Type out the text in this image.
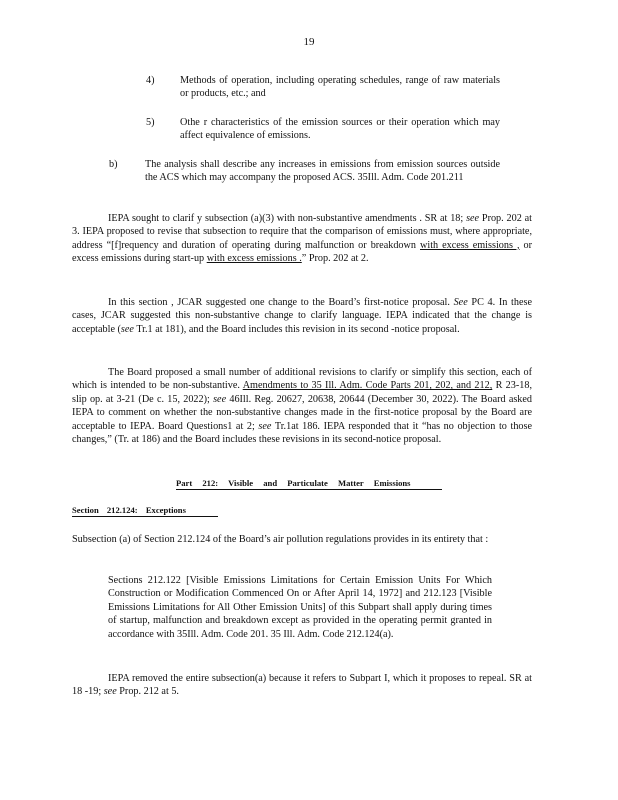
19
4)	Methods of operation, including operating schedules, range of raw materials or products, etc.; and
5)	Othe r characteristics of the emission sources or their operation which may affect equivalence of emissions.
b)	The analysis shall describe any increases in emissions from emission sources outside the ACS which may accompany the proposed ACS. 35Ill. Adm. Code 201.211
IEPA sought to clarif y subsection (a)(3) with non-substantive amendments . SR at 18; see Prop. 202 at 3. IEPA proposed to revise that subsection to require that the comparison of emissions must, where appropriate, address “[f]requency and duration of operating during malfunction or breakdown with excess emissions , or excess emissions during start-up with excess emissions .” Prop. 202 at 2.
In this section , JCAR suggested one change to the Board’s first-notice proposal. See PC 4. In these cases, JCAR suggested this non-substantive change to clarify language. IEPA indicated that the change is acceptable (see Tr.1 at 181), and the Board includes this revision in its second -notice proposal.
The Board proposed a small number of additional revisions to clarify or simplify this section, each of which is intended to be non-substantive. Amendments to 35 Ill. Adm. Code Parts 201, 202, and 212, R 23-18, slip op. at 3-21 (De c. 15, 2022); see 46Ill. Reg. 20627, 20638, 20644 (December 30, 2022). The Board asked IEPA to comment on whether the non-substantive changes made in the first-notice proposal by the Board are acceptable to IEPA. Board Questions1 at 2; see Tr.1at 186. IEPA responded that it “has no objection to those changes,” (Tr. at 186) and the Board includes these revisions in its second-notice proposal.
Part 212: Visible and Particulate Matter Emissions
Section 212.124: Exceptions
Subsection (a) of Section 212.124 of the Board’s air pollution regulations provides in its entirety that :
Sections 212.122 [Visible Emissions Limitations for Certain Emission Units For Which Construction or Modification Commenced On or After April 14, 1972] and 212.123 [Visible Emissions Limitations for All Other Emission Units] of this Subpart shall apply during times of startup, malfunction and breakdown except as provided in the operating permit granted in accordance with 35Ill. Adm. Code 201. 35 Ill. Adm. Code 212.124(a).
IEPA removed the entire subsection(a) because it refers to Subpart I, which it proposes to repeal. SR at 18 -19; see Prop. 212 at 5.
